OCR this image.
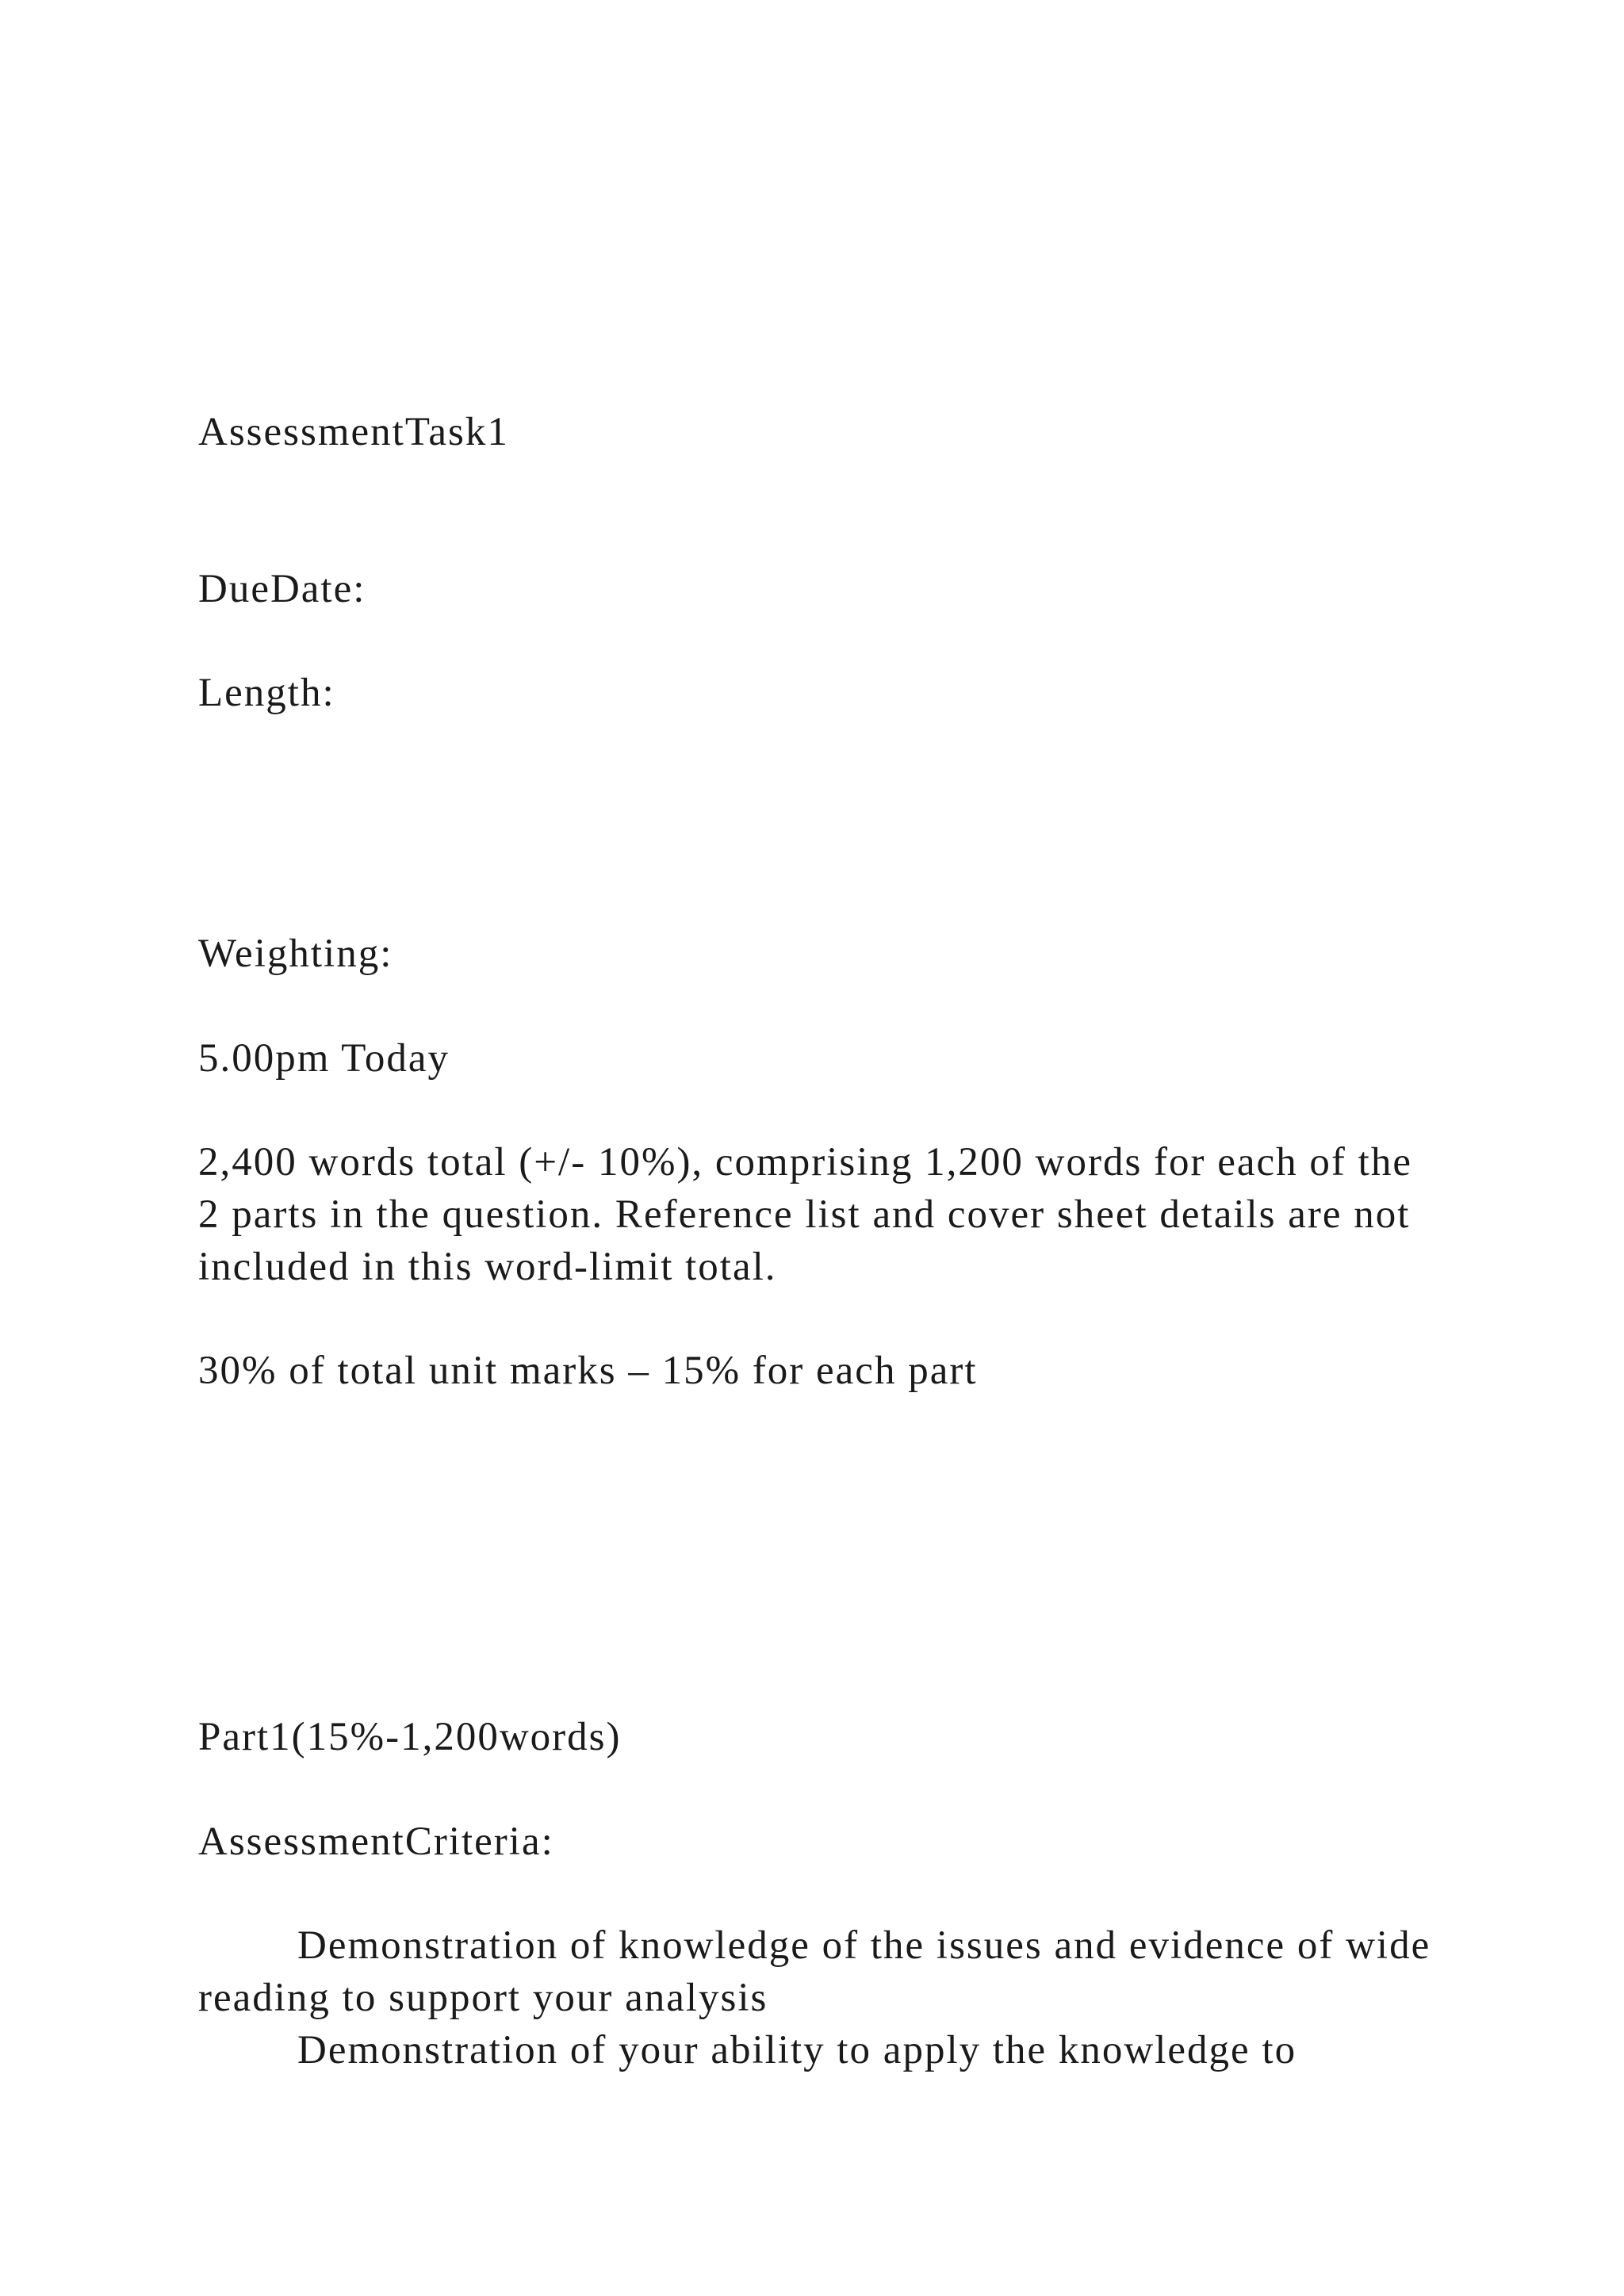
AssessmentTask1

DueDate:

Length:

Weighting:

5.00pm Today

2,400 words total (+/- 10%), comprising 1,200 words for each of the 2 parts in the question. Reference list and cover sheet details are not included in this word-limit total.

30% of total unit marks – 15% for each part

Part1(15%-1,200words)

AssessmentCriteria:

Demonstration of knowledge of the issues and evidence of wide reading to support your analysis

Demonstration of your ability to apply the knowledge to
